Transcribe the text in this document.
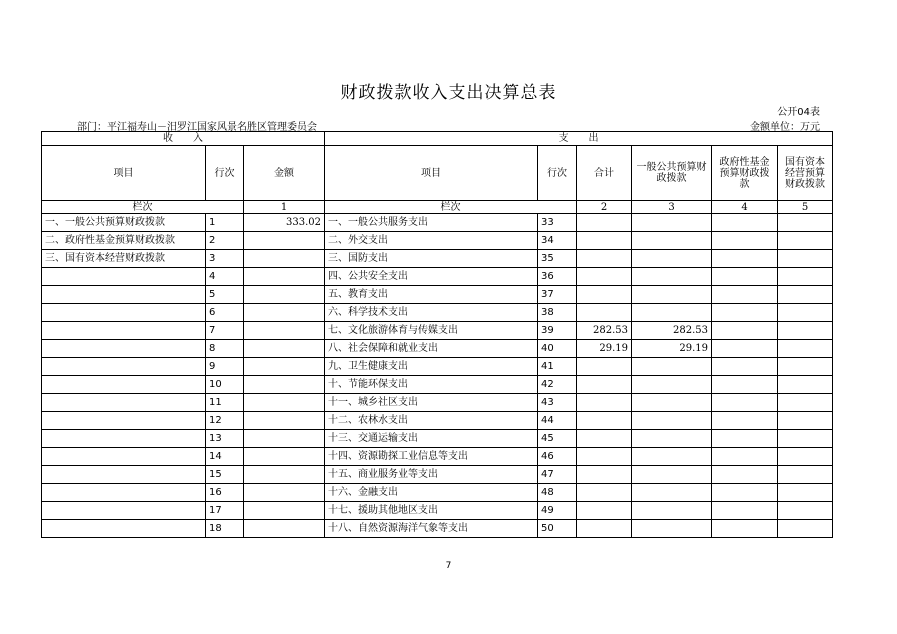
财政拨款收入支出决算总表
公开04表
部门：平江福寿山－汨罗江国家风景名胜区管理委员会	金额单位：万元
收　　入			支　　出					
项目	行次	金额	项目	行次	合计	一般公共预算财政拨款	政府性基金预算财政拨款	国有资本经营预算财政拨款
栏次		1	栏次		2	3	4	5
一、一般公共预算财政拨款	1	333.02	一、一般公共服务支出	33				
二、政府性基金预算财政拨款	2		二、外交支出	34				
三、国有资本经营财政拨款	3		三、国防支出	35				
	4		四、公共安全支出	36				
	5		五、教育支出	37				
	6		六、科学技术支出	38				
	7		七、文化旅游体育与传媒支出	39	282.53	282.53		
	8		八、社会保障和就业支出	40	29.19	29.19		
	9		九、卫生健康支出	41				
	10		十、节能环保支出	42				
	11		十一、城乡社区支出	43				
	12		十二、农林水支出	44				
	13		十三、交通运输支出	45				
	14		十四、资源勘探工业信息等支出	46				
	15		十五、商业服务业等支出	47				
	16		十六、金融支出	48				
	17		十七、援助其他地区支出	49				
	18		十八、自然资源海洋气象等支出	50				
7
